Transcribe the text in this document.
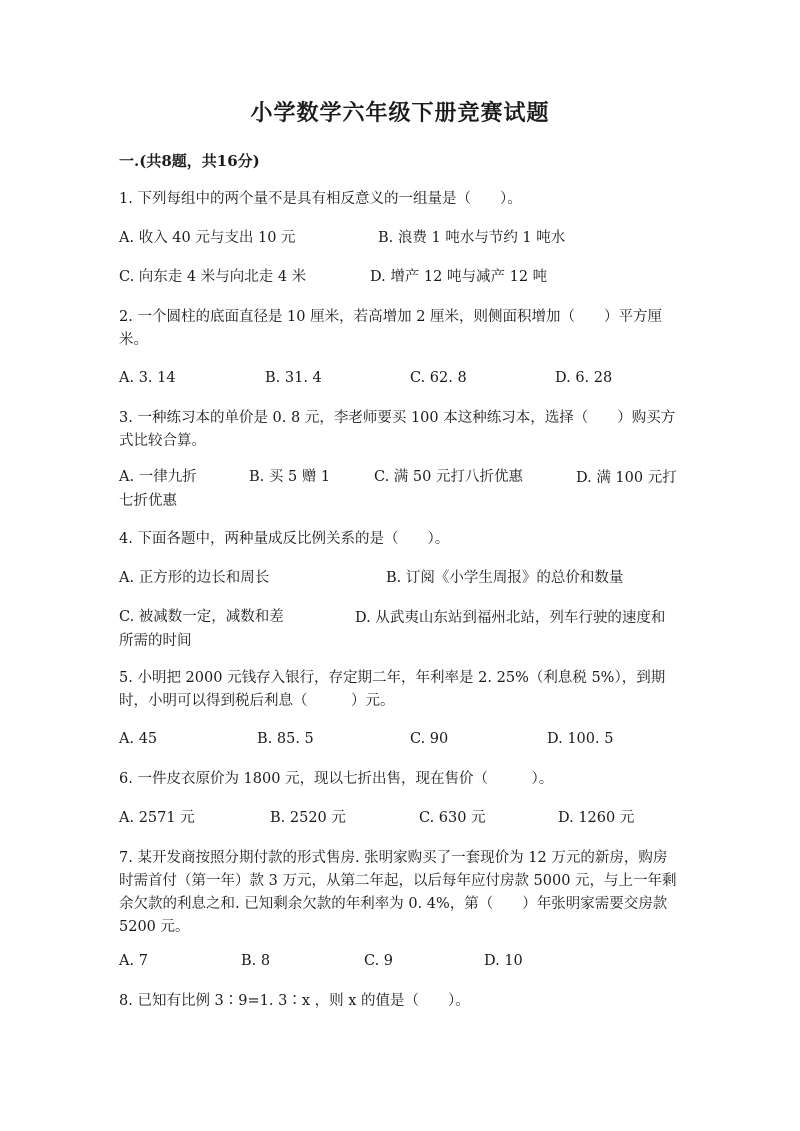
小学数学六年级下册竞赛试题
一.(共8题，共16分)
1. 下列每组中的两个量不是具有相反意义的一组量是（　　）。
A. 收入 40 元与支出 10 元	B. 浪费 1 吨水与节约 1 吨水
C. 向东走 4 米与向北走 4 米	D. 增产 12 吨与减产 12 吨
2. 一个圆柱的底面直径是 10 厘米，若高增加 2 厘米，则侧面积增加（　　）平方厘米。
A. 3. 14	B. 31. 4	C. 62. 8	D. 6. 28
3. 一种练习本的单价是 0. 8 元，李老师要买 100 本这种练习本，选择（　　）购买方式比较合算。
A. 一律九折	B. 买 5 赠 1	C. 满 50 元打八折优惠	D. 满 100 元打七折优惠
4. 下面各题中，两种量成反比例关系的是（　　）。
A. 正方形的边长和周长	B. 订阅《小学生周报》的总价和数量
C. 被减数一定，减数和差	D. 从武夷山东站到福州北站，列车行驶的速度和所需的时间
5. 小明把 2000 元钱存入银行，存定期二年，年利率是 2. 25%（利息税 5%），到期时，小明可以得到税后利息（　　　）元。
A. 45	B. 85. 5	C. 90	D. 100. 5
6. 一件皮衣原价为 1800 元，现以七折出售，现在售价（　　　）。
A. 2571 元	B. 2520 元	C. 630 元	D. 1260 元
7. 某开发商按照分期付款的形式售房. 张明家购买了一套现价为 12 万元的新房，购房时需首付（第一年）款 3 万元，从第二年起，以后每年应付房款 5000 元，与上一年剩余欠款的利息之和. 已知剩余欠款的年利率为 0. 4%，第（　　）年张明家需要交房款 5200 元。
A. 7	B. 8	C. 9	D. 10
8. 已知有比例 3∶9=1. 3∶x ，则 x 的值是（　　）。
